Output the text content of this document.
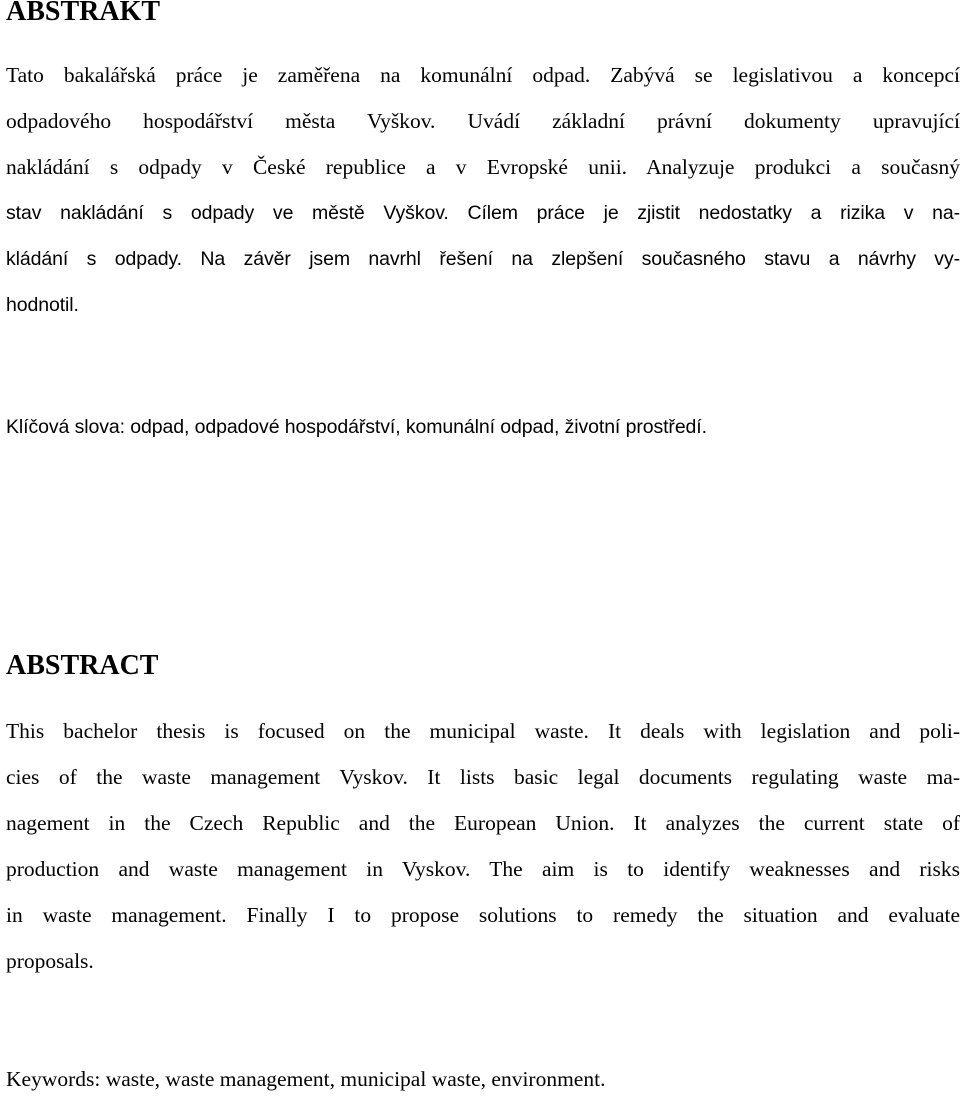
ABSTRAKT
Tato bakalářská práce je zaměřena na komunální odpad. Zabývá se legislativou a koncepcí
odpadového hospodářství města Vyškov. Uvádí základní právní dokumenty upravující
nakládání s odpady v České republice a v Evropské unii. Analyzuje produkci a současný
stav nakládání s odpady ve městě Vyškov. Cílem práce je zjistit nedostatky a rizika v na-
kládání s odpady. Na závěr jsem navrhl řešení na zlepšení současného stavu a návrhy vy-
hodnotil.
Klíčová slova: odpad, odpadové hospodářství, komunální odpad, životní prostředí.
ABSTRACT
This bachelor thesis is focused on the municipal waste. It deals with legislation and poli-
cies of the waste management Vyskov. It lists basic legal documents regulating waste ma-
nagement in the Czech Republic and the European Union. It analyzes the current state of
production and waste management in Vyskov. The aim is to identify weaknesses and risks
in waste management. Finally I to propose solutions to remedy the situation and evaluate
proposals.
Keywords: waste, waste management, municipal waste, environment.
